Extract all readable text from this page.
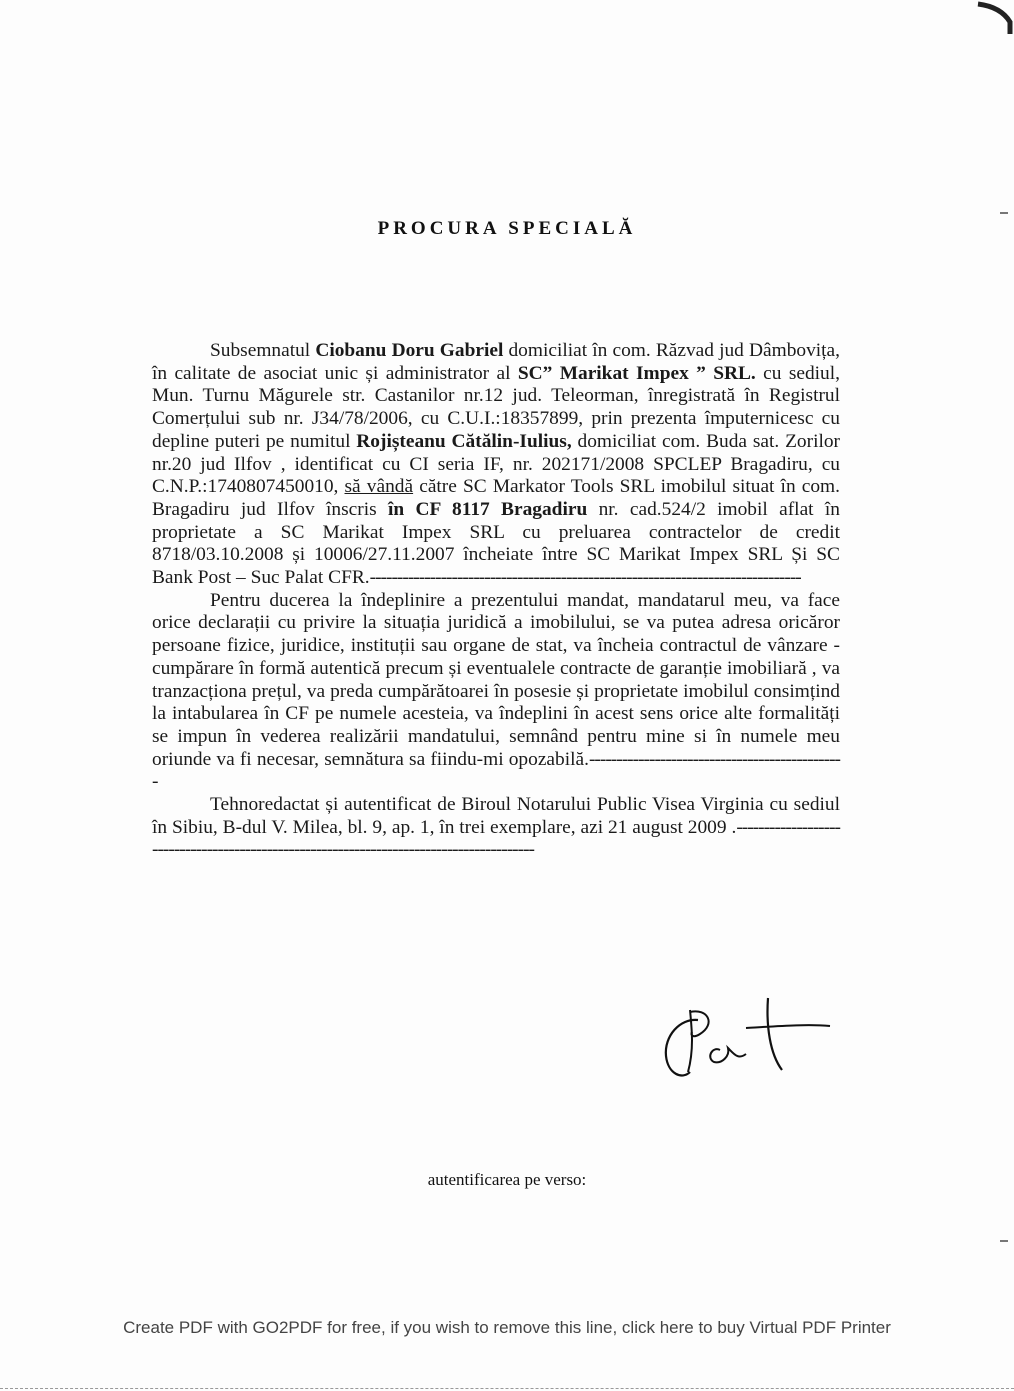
PROCURA SPECIALĂ

Subsemnatul Ciobanu Doru Gabriel domiciliat în com. Răzvad jud Dâmbovița, în calitate de asociat unic și administrator al SC” Marikat Impex ” SRL. cu sediul, Mun. Turnu Măgurele str. Castanilor nr.12 jud. Teleorman, înregistrată în Registrul Comerțului sub nr. J34/78/2006, cu C.U.I.:18357899, prin prezenta împuternicesc cu depline puteri pe numitul Rojișteanu Cătălin-Iulius, domiciliat com. Buda sat. Zorilor nr.20 jud Ilfov , identificat cu CI seria IF, nr. 202171/2008 SPCLEP Bragadiru, cu C.N.P.:1740807450010, să vândă către SC Markator Tools SRL imobilul situat în com. Bragadiru jud Ilfov înscris în CF 8117 Bragadiru nr. cad.524/2 imobil aflat în proprietate a SC Marikat Impex SRL cu preluarea contractelor de credit 8718/03.10.2008 și 10006/27.11.2007 încheiate între SC Marikat Impex SRL Și SC Bank Post – Suc Palat CFR.-------------------------------------------------------------------------------

Pentru ducerea la îndeplinire a prezentului mandat, mandatarul meu, va face orice declarații cu privire la situația juridică a imobilului, se va putea adresa oricăror persoane fizice, juridice, instituții sau organe de stat, va încheia contractul de vânzare - cumpărare în formă autentică precum și eventualele contracte de garanție imobiliară , va tranzacționa prețul, va preda cumpărătoarei în posesie și proprietate imobilul consimțind la intabularea în CF pe numele acesteia, va îndeplini în acest sens orice alte formalități se impun în vederea realizării mandatului, semnând pentru mine si în numele meu oriunde va fi necesar, semnătura sa fiindu-mi opozabilă.-----------------------------------------------

Tehnoredactat și autentificat de Biroul Notarului Public Visea Virginia cu sediul în Sibiu, B-dul V. Milea, bl. 9, ap. 1, în trei exemplare, azi 21 august 2009 .-----------------------------------------------------------------------------------------

autentificarea pe verso:
Create PDF with GO2PDF for free, if you wish to remove this line, click here to buy Virtual PDF Printer
